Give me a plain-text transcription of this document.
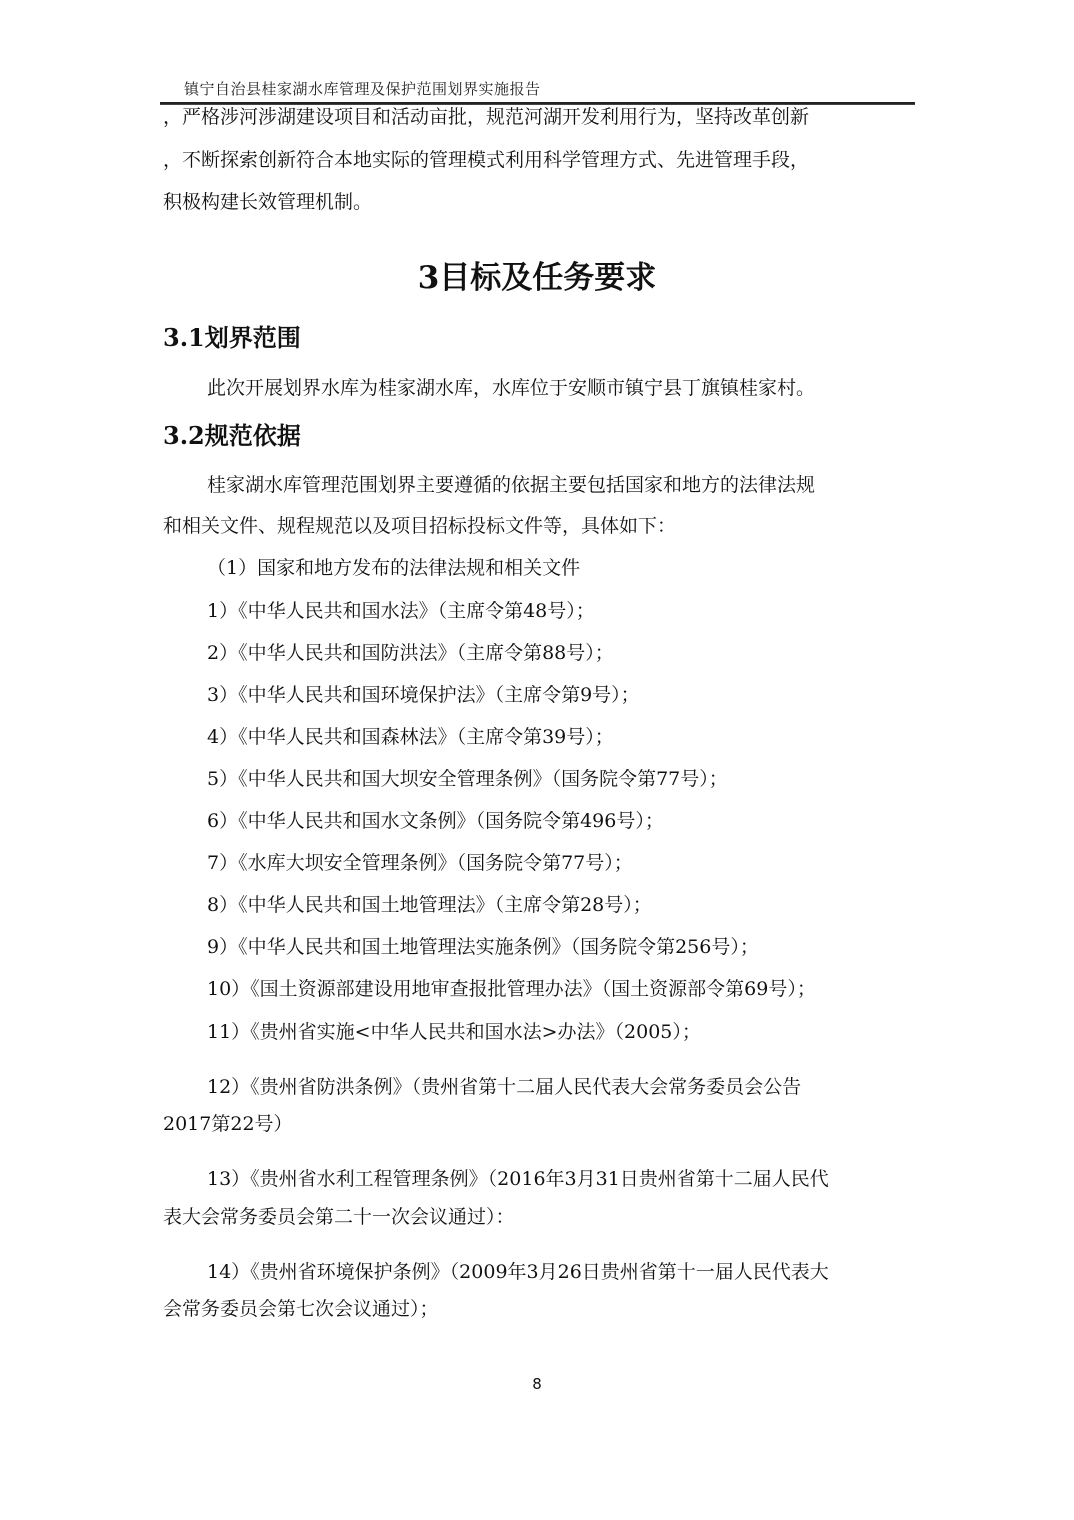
镇宁自治县桂家湖水库管理及保护范围划界实施报告
，严格涉河涉湖建设项目和活动亩批，规范河湖开发利用行为，坚持改革创新
，不断探索创新符合本地实际的管理模式利用科学管理方式、先进管理手段，
积极构建长效管理机制。
3目标及任务要求
3.1划界范围
此次开展划界水库为桂家湖水库，水库位于安顺市镇宁县丁旗镇桂家村。
3.2规范依据
桂家湖水库管理范围划界主要遵循的依据主要包括国家和地方的法律法规
和相关文件、规程规范以及项目招标投标文件等，具体如下：
（1）国家和地方发布的法律法规和相关文件
1）《中华人民共和国水法》（主席令第48号）；
2）《中华人民共和国防洪法》（主席令第88号）；
3）《中华人民共和国环境保护法》（主席令第9号）；
4）《中华人民共和国森林法》（主席令第39号）；
5）《中华人民共和国大坝安全管理条例》（国务院令第77号）；
6）《中华人民共和国水文条例》（国务院令第496号）；
7）《水库大坝安全管理条例》（国务院令第77号）；
8）《中华人民共和国土地管理法》（主席令第28号）；
9）《中华人民共和国土地管理法实施条例》（国务院令第256号）；
10）《国土资源部建设用地审查报批管理办法》（国土资源部令第69号）；
11）《贵州省实施<中华人民共和国水法>办法》（2005）；
12）《贵州省防洪条例》（贵州省第十二届人民代表大会常务委员会公告
2017第22号）
13）《贵州省水利工程管理条例》（2016年3月31日贵州省第十二届人民代
表大会常务委员会第二十一次会议通过）：
14）《贵州省环境保护条例》（2009年3月26日贵州省第十一届人民代表大
会常务委员会第七次会议通过）；
8
